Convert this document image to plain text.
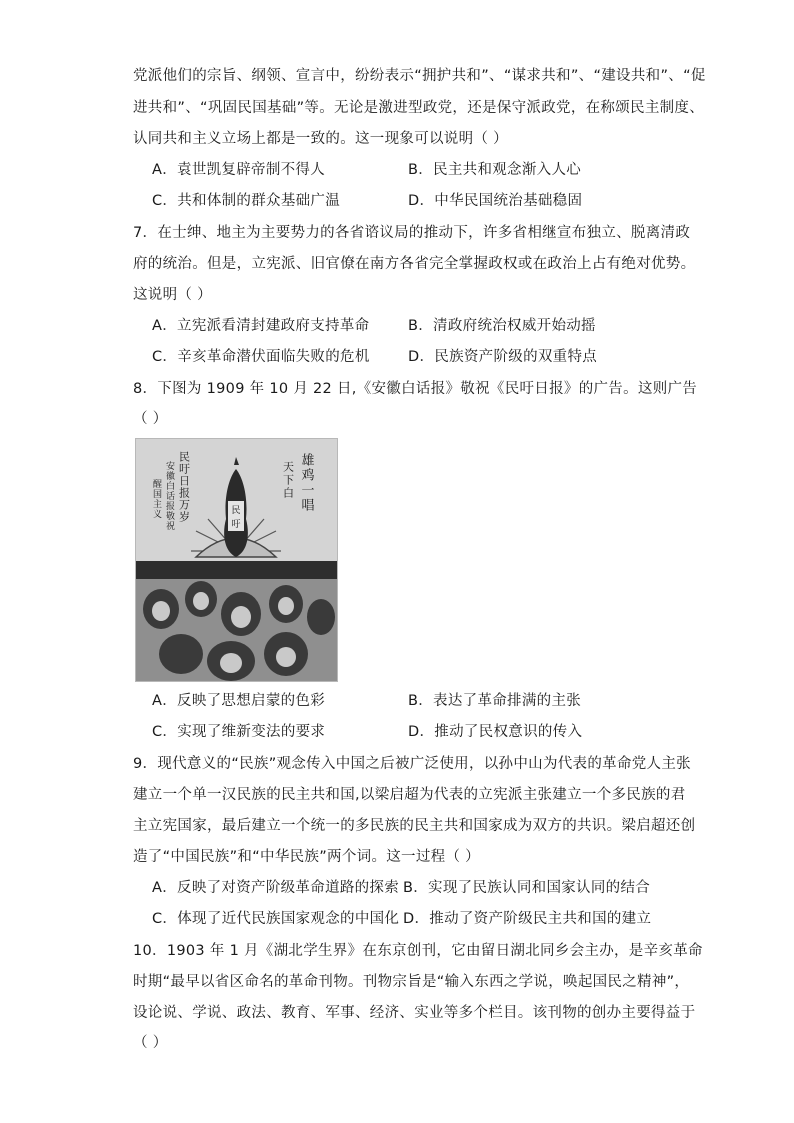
党派他们的宗旨、纲领、宣言中，纷纷表示“拥护共和”、“谋求共和”、“建设共和”、“促
进共和”、“巩固民国基础”等。无论是激进型政党，还是保守派政党，在称颂民主制度、
认同共和主义立场上都是一致的。这一现象可以说明（ ）
A．袁世凯复辟帝制不得人	B．民主共和观念渐入人心
C．共和体制的群众基础广温	D．中华民国统治基础稳固
7．在士绅、地主为主要势力的各省谘议局的推动下，许多省相继宣布独立、脱离清政
府的统治。但是，立宪派、旧官僚在南方各省完全掌握政权或在政治上占有绝对优势。
这说明（ ）
A．立宪派看清封建政府支持革命	B．清政府统治权威开始动摇
C．辛亥革命潜伏面临失败的危机	D．民族资产阶级的双重特点
8．下图为 1909 年 10 月 22 日,《安徽白话报》敬祝《民吁日报》的广告。这则广告
（ ）
民
吁
民吁日报万岁
安徽白话报敬祝
醒国主义	雄鸡一唱
天下白
A．反映了思想启蒙的色彩	B．表达了革命排满的主张
C．实现了维新变法的要求	D．推动了民权意识的传入
9．现代意义的“民族”观念传入中国之后被广泛使用，以孙中山为代表的革命党人主张
建立一个单一汉民族的民主共和国,以梁启超为代表的立宪派主张建立一个多民族的君
主立宪国家，最后建立一个统一的多民族的民主共和国家成为双方的共识。梁启超还创
造了“中国民族”和“中华民族”两个词。这一过程（ ）
A．反映了对资产阶级革命道路的探索 B．实现了民族认同和国家认同的结合
C．体现了近代民族国家观念的中国化 D．推动了资产阶级民主共和国的建立
10．1903 年 1 月《湖北学生界》在东京创刊，它由留日湖北同乡会主办，是辛亥革命
时期“最早以省区命名的革命刊物。刊物宗旨是“输入东西之学说，唤起国民之精神”，
设论说、学说、政法、教育、军事、经济、实业等多个栏目。该刊物的创办主要得益于
（ ）
